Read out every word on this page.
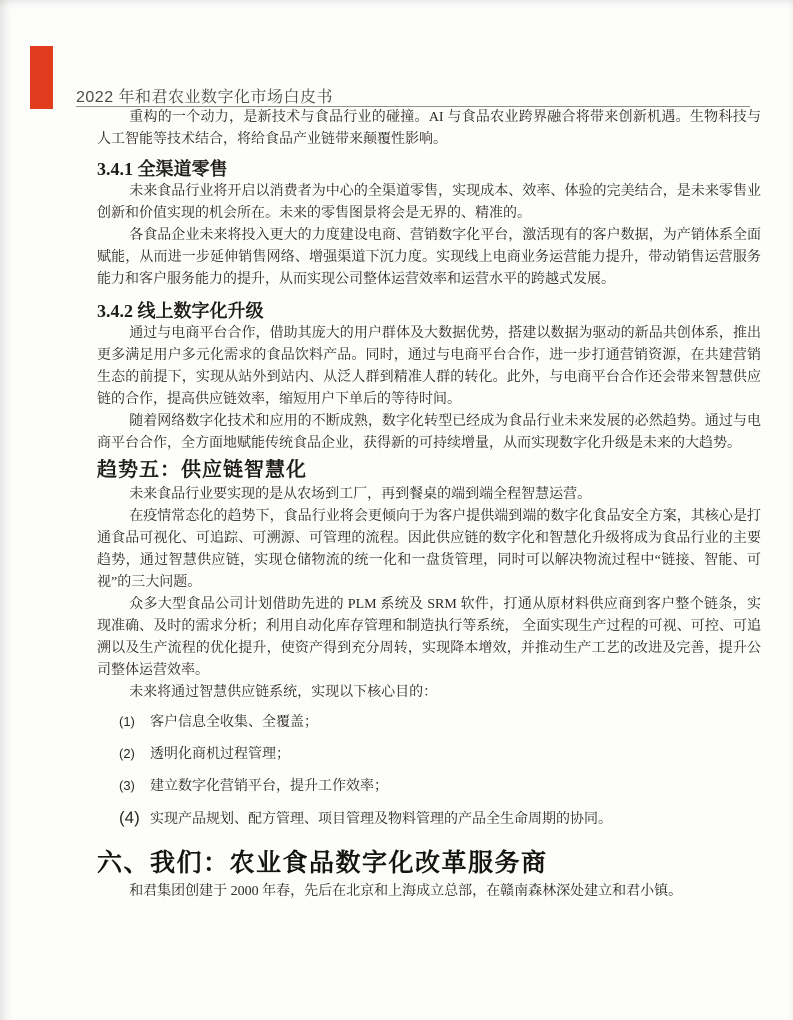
2022 年和君农业数字化市场白皮书

重构的一个动力，是新技术与食品行业的碰撞。AI 与食品农业跨界融合将带来创新机遇。生物科技与人工智能等技术结合，将给食品产业链带来颠覆性影响。

3.4.1 全渠道零售

未来食品行业将开启以消费者为中心的全渠道零售，实现成本、效率、体验的完美结合，是未来零售业创新和价值实现的机会所在。未来的零售图景将会是无界的、精准的。

各食品企业未来将投入更大的力度建设电商、营销数字化平台，激活现有的客户数据，为产销体系全面赋能，从而进一步延伸销售网络、增强渠道下沉力度。实现线上电商业务运营能力提升，带动销售运营服务能力和客户服务能力的提升，从而实现公司整体运营效率和运营水平的跨越式发展。

3.4.2 线上数字化升级

通过与电商平台合作，借助其庞大的用户群体及大数据优势，搭建以数据为驱动的新品共创体系，推出更多满足用户多元化需求的食品饮料产品。同时，通过与电商平台合作，进一步打通营销资源，在共建营销生态的前提下，实现从站外到站内、从泛人群到精准人群的转化。此外，与电商平台合作还会带来智慧供应链的合作，提高供应链效率，缩短用户下单后的等待时间。

随着网络数字化技术和应用的不断成熟，数字化转型已经成为食品行业未来发展的必然趋势。通过与电商平台合作，全方面地赋能传统食品企业，获得新的可持续增量，从而实现数字化升级是未来的大趋势。

趋势五：供应链智慧化

未来食品行业要实现的是从农场到工厂，再到餐桌的端到端全程智慧运营。

在疫情常态化的趋势下，食品行业将会更倾向于为客户提供端到端的数字化食品安全方案，其核心是打通食品可视化、可追踪、可溯源、可管理的流程。因此供应链的数字化和智慧化升级将成为食品行业的主要趋势，通过智慧供应链，实现仓储物流的统一化和一盘货管理，同时可以解决物流过程中“链接、智能、可视”的三大问题。

众多大型食品公司计划借助先进的 PLM 系统及 SRM 软件，打通从原材料供应商到客户整个链条，实现准确、及时的需求分析；利用自动化库存管理和制造执行等系统， 全面实现生产过程的可视、可控、可追溯以及生产流程的优化提升，使资产得到充分周转，实现降本增效，并推动生产工艺的改进及完善，提升公司整体运营效率。

未来将通过智慧供应链系统，实现以下核心目的：

(1)	客户信息全收集、全覆盖；
(2)	透明化商机过程管理；
(3)	建立数字化营销平台，提升工作效率；
(4) 实现产品规划、配方管理、项目管理及物料管理的产品全生命周期的协同。
六、我们：农业食品数字化改革服务商

和君集团创建于 2000 年春，先后在北京和上海成立总部，在赣南森林深处建立和君小镇。
